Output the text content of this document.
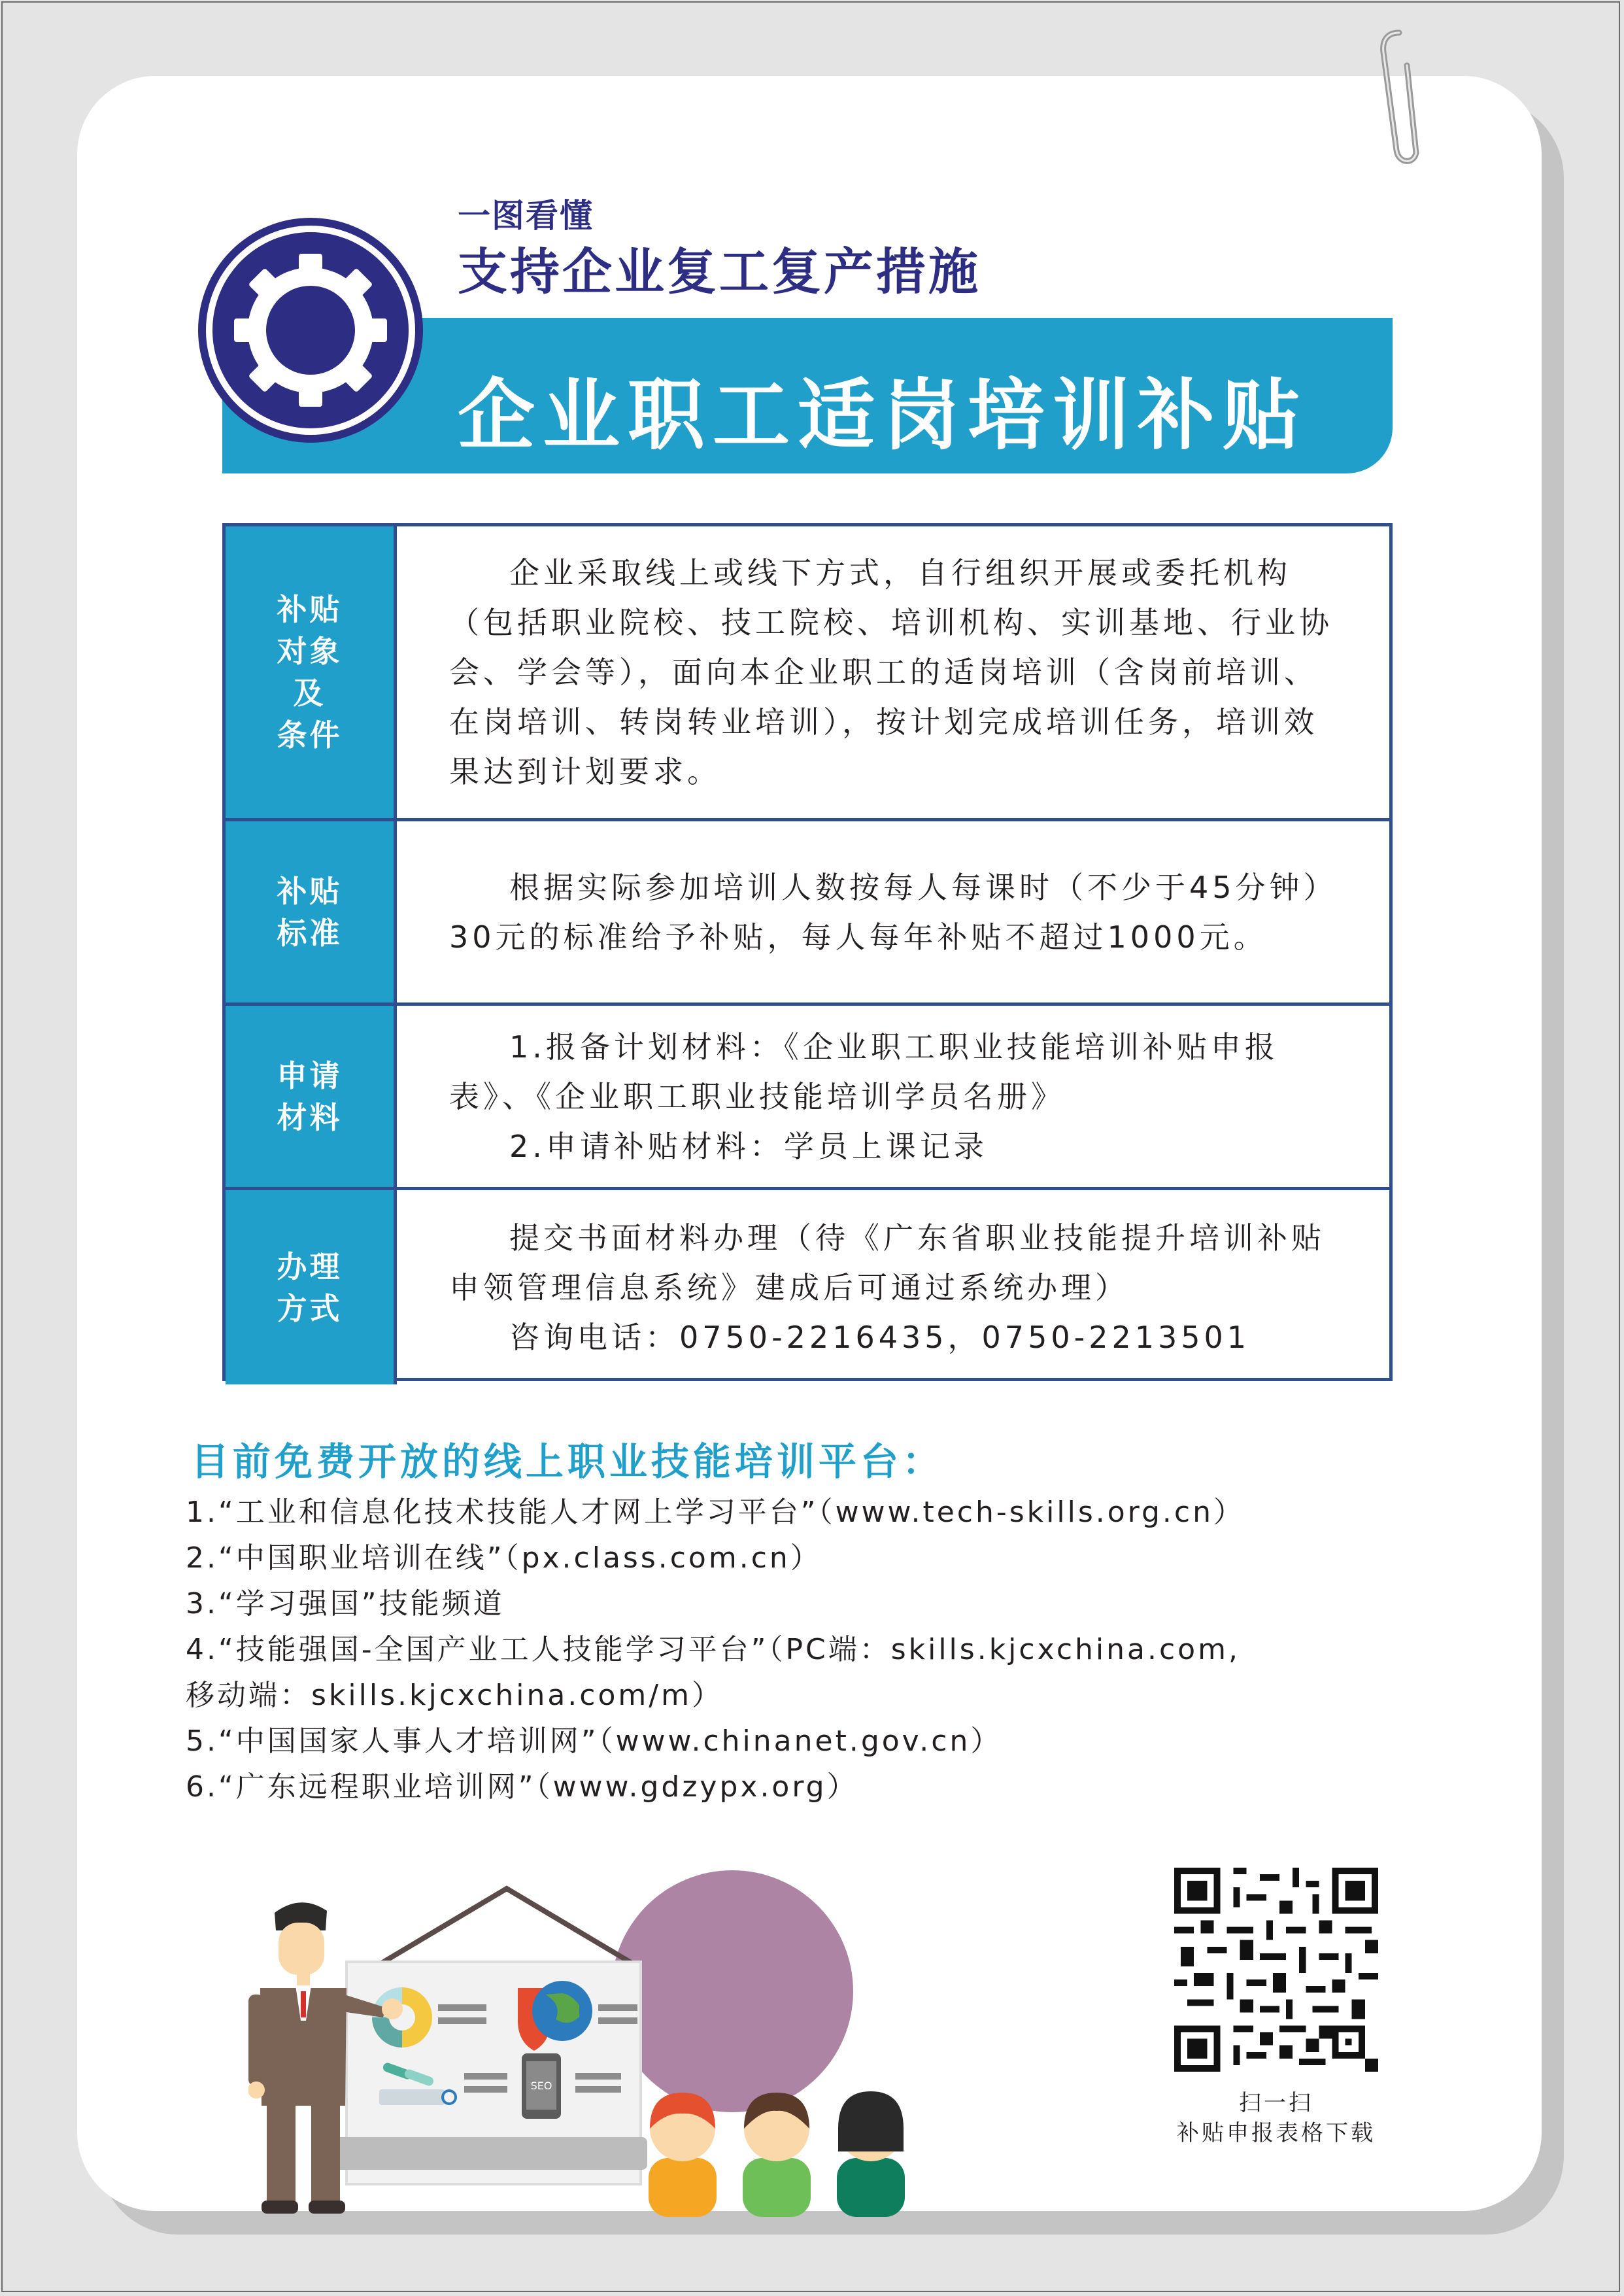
一图看懂
支持企业复工复产措施
企业职工适岗培训补贴
补贴
对象
及
条件

企业采取线上或线下方式，自行组织开展或委托机构（包括职业院校、技工院校、培训机构、实训基地、行业协会、学会等），面向本企业职工的适岗培训（含岗前培训、在岗培训、转岗转业培训），按计划完成培训任务，培训效果达到计划要求。

补贴
标准

根据实际参加培训人数按每人每课时（不少于45分钟）30元的标准给予补贴，每人每年补贴不超过1000元。

申请
材料

1.报备计划材料：《企业职工职业技能培训补贴申报表》、《企业职工职业技能培训学员名册》

2.申请补贴材料：学员上课记录

办理
方式

提交书面材料办理（待《广东省职业技能提升培训补贴申领管理信息系统》建成后可通过系统办理）

咨询电话：0750-2216435，0750-2213501

目前免费开放的线上职业技能培训平台：
1.“工业和信息化技术技能人才网上学习平台”（www.tech-skills.org.cn）
2.“中国职业培训在线”（px.class.com.cn）
3.“学习强国”技能频道
4.“技能强国-全国产业工人技能学习平台”（PC端：skills.kjcxchina.com,
移动端：skills.kjcxchina.com/m）
5.“中国国家人事人才培训网”（www.chinanet.gov.cn）
6.“广东远程职业培训网”（www.gdzypx.org）
SEO
扫一扫
补贴申报表格下载
